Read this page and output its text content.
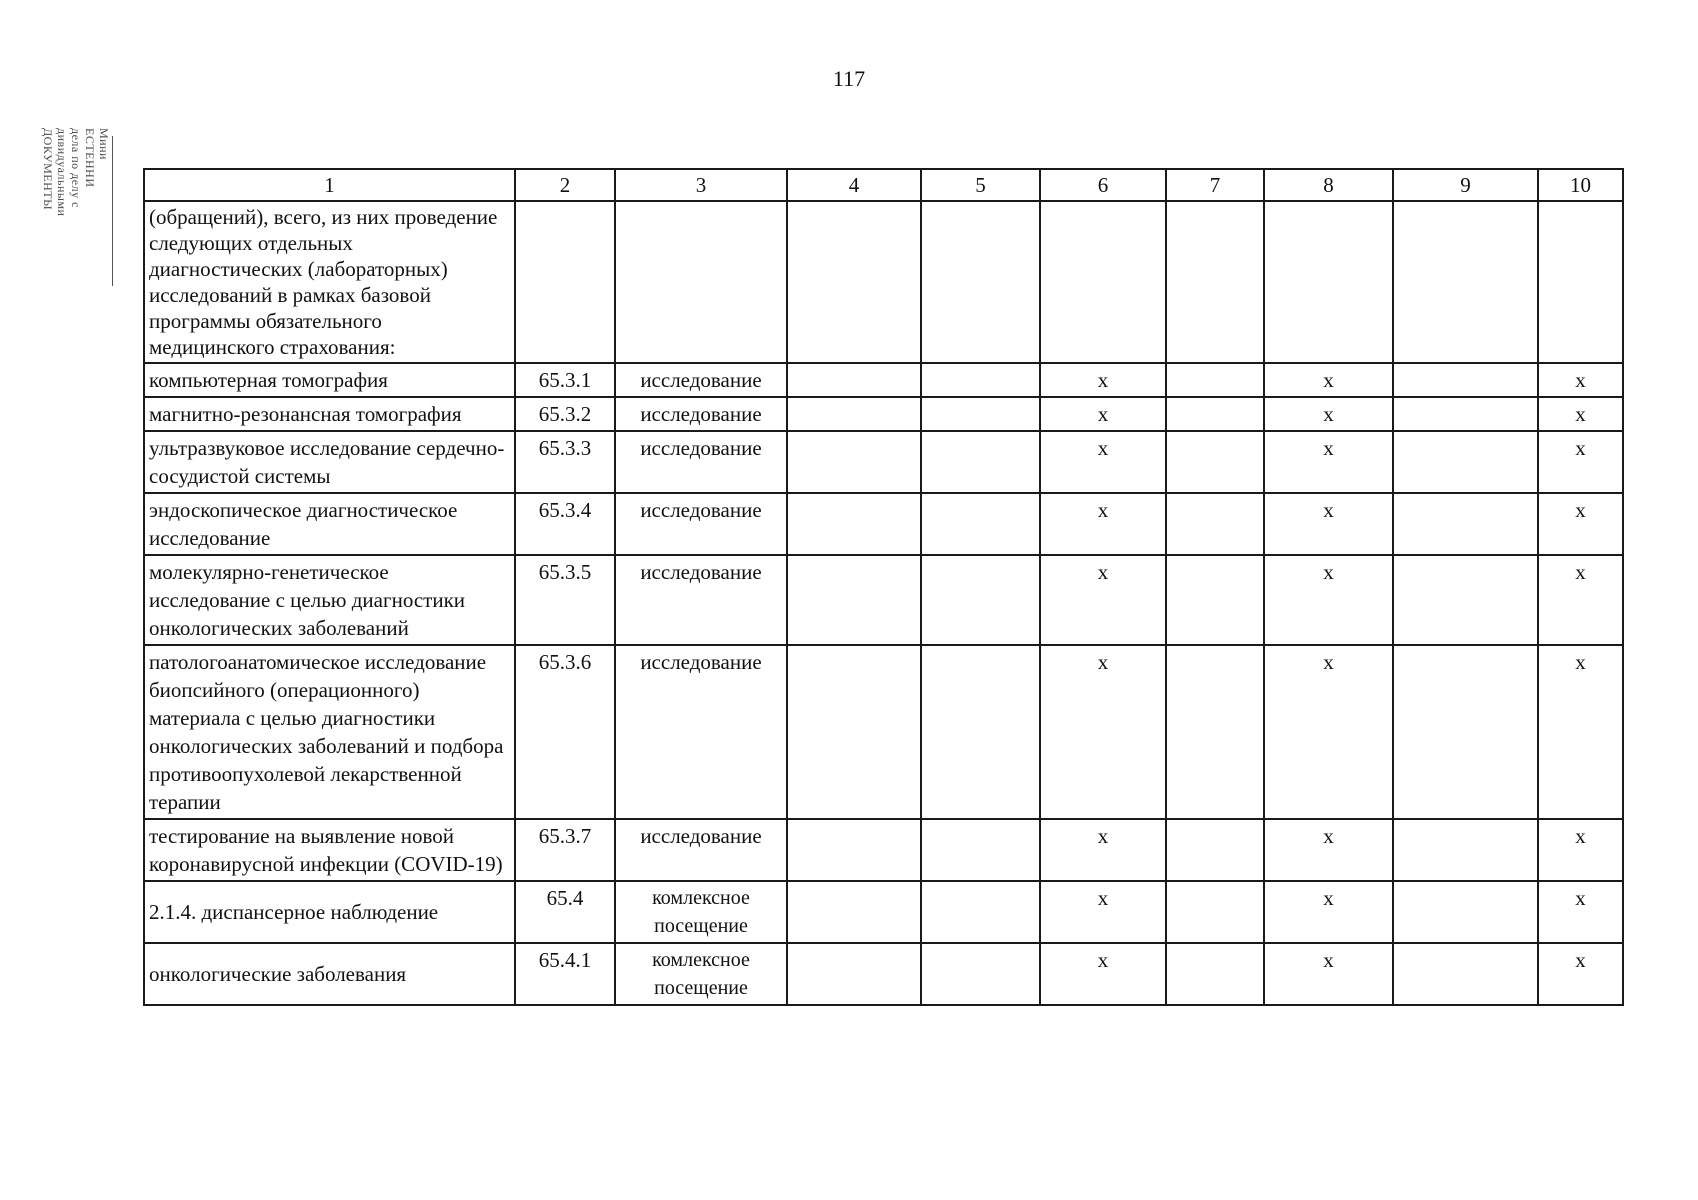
117
Мини
ЕСТЕННИ
дела по делу с
дивидуальными
ДОКУМЕНТЫ	1	2	3	4	5	6	7	8	9	10
(обращений), всего, из них проведение следующих отдельных диагностических (лабораторных) исследований в рамках базовой программы обязательного медицинского страхования:									
компьютерная томография	65.3.1	исследование			x		x		x
магнитно-резонансная томография	65.3.2	исследование			x		x		x
ультразвуковое исследование сердечно-сосудистой системы	65.3.3	исследование			x		x		x
эндоскопическое диагностическое исследование	65.3.4	исследование			x		x		x
молекулярно-генетическое исследование с целью диагностики онкологических заболеваний	65.3.5	исследование			x		x		x
патологоанатомическое исследование биопсийного (операционного) материала с целью диагностики онкологических заболеваний и подбора противоопухолевой лекарственной терапии	65.3.6	исследование			x		x		x
тестирование на выявление новой коронавирусной инфекции (COVID-19)	65.3.7	исследование			x		x		x
2.1.4. диспансерное наблюдение	65.4	комлексное посещение			x		x		x
онкологические заболевания	65.4.1	комлексное посещение			x		x		x
